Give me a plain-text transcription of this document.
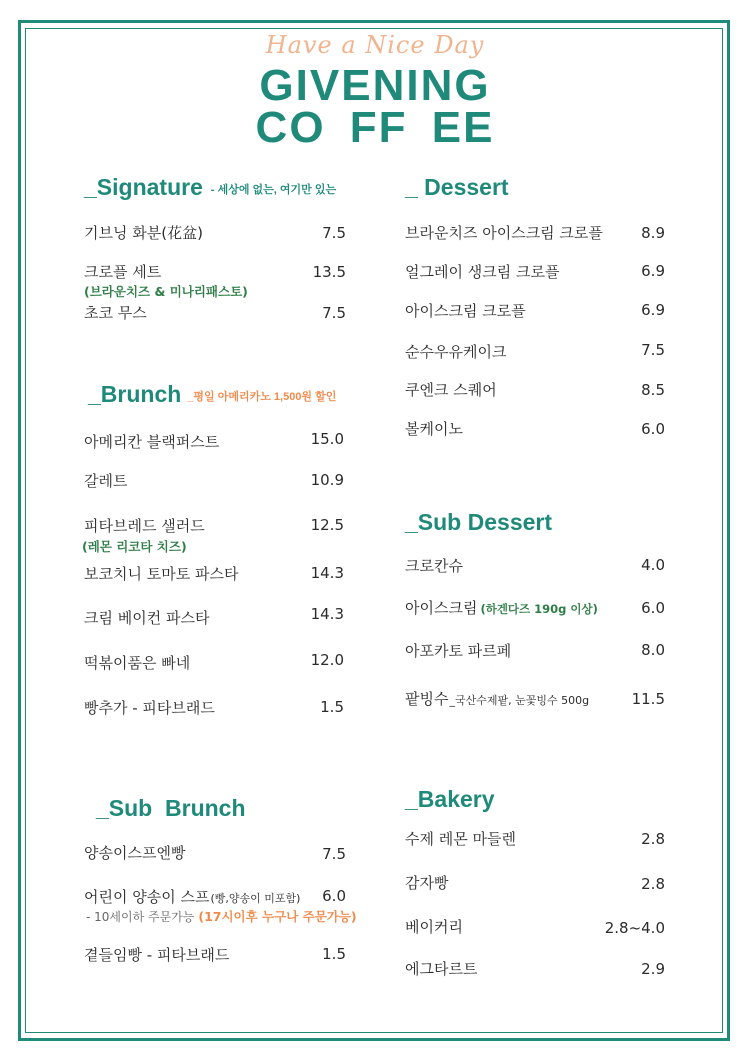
Have a Nice Day
GIVENING
CO FF EE
_Signature - 세상에 없는, 여기만 있는
기브닝 화분(花盆)	7.5
크로플 세트
(브라운치즈 & 미나리패스토)
13.5
초코 무스	7.5
_Brunch _평일 아메리카노 1,500원 할인
아메리칸 블랙퍼스트	15.0
갈레트	10.9
피타브레드 샐러드
(레몬 리코타 치즈)
12.5
보코치니 토마토 파스타	14.3
크림 베이컨 파스타	14.3
떡볶이품은 빠네	12.0
빵추가 - 피타브래드	1.5
_Sub  Brunch
양송이스프엔빵	7.5
어린이 양송이 스프(빵,양송이 미포함) 6.0
- 10세이하 주문가능 (17시이후 누구나 주문가능)
곁들임빵 - 피타브래드	1.5
_ Dessert
브라운치즈 아이스크림 크로플	8.9
얼그레이 생크림 크로플	6.9
아이스크림 크로플	6.9
순수우유케이크	7.5
쿠엔크 스퀘어	8.5
볼케이노	6.0
_Sub Dessert
크로칸슈	4.0
아이스크림 (하겐다즈 190g 이상)	6.0
아포카토 파르페	8.0
팥빙수_국산수제팥, 눈꽃빙수 500g	11.5
_Bakery
수제 레몬 마들렌	2.8
감자빵	2.8
베이커리	2.8~4.0
에그타르트	2.9
